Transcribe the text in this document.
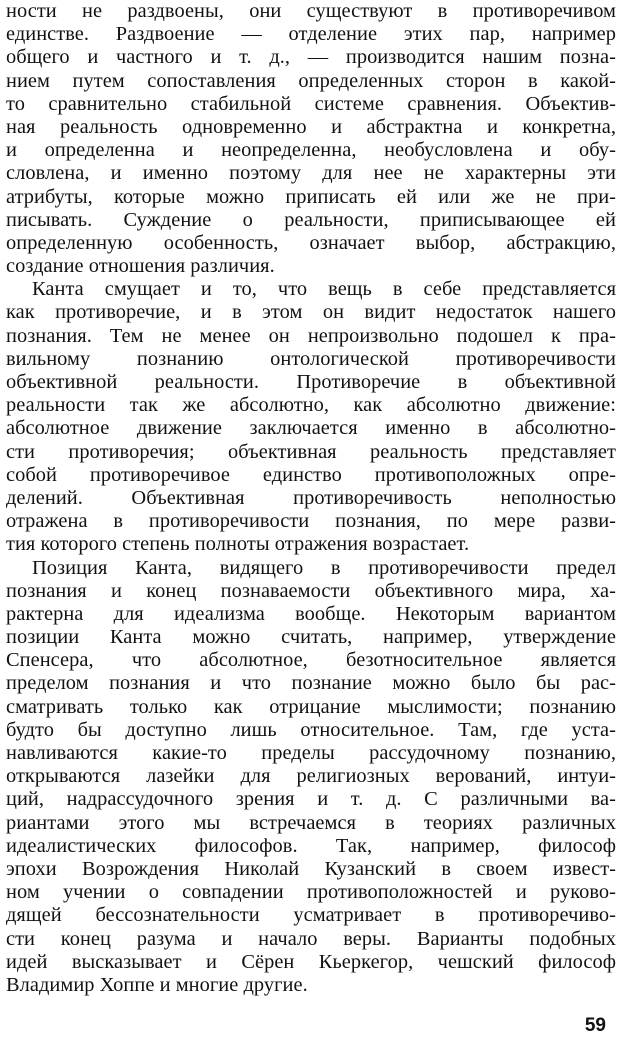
ности не раздвоены, они существуют в противоречивом
единстве. Раздвоение — отделение этих пар, например
общего и частного и т. д., — производится нашим позна-
нием путем сопоставления определенных сторон в какой-
то сравнительно стабильной системе сравнения. Объектив-
ная реальность одновременно и абстрактна и конкретна,
и определенна и неопределенна, необусловлена и обу-
словлена, и именно поэтому для нее не характерны эти
атрибуты, которые можно приписать ей или же не при-
писывать. Суждение о реальности, приписывающее ей
определенную особенность, означает выбор, абстракцию,
создание отношения различия.
Канта смущает и то, что вещь в себе представляется
как противоречие, и в этом он видит недостаток нашего
познания. Тем не менее он непроизвольно подошел к пра-
вильному познанию онтологической противоречивости
объективной реальности. Противоречие в объективной
реальности так же абсолютно, как абсолютно движение:
абсолютное движение заключается именно в абсолютно-
сти противоречия; объективная реальность представляет
собой противоречивое единство противоположных опре-
делений. Объективная противоречивость неполностью
отражена в противоречивости познания, по мере разви-
тия которого степень полноты отражения возрастает.
Позиция Канта, видящего в противоречивости предел
познания и конец познаваемости объективного мира, ха-
рактерна для идеализма вообще. Некоторым вариантом
позиции Канта можно считать, например, утверждение
Спенсера, что абсолютное, безотносительное является
пределом познания и что познание можно было бы рас-
сматривать только как отрицание мыслимости; познанию
будто бы доступно лишь относительное. Там, где уста-
навливаются какие-то пределы рассудочному познанию,
открываются лазейки для религиозных верований, интуи-
ций, надрассудочного зрения и т. д. С различными ва-
риантами этого мы встречаемся в теориях различных
идеалистических философов. Так, например, философ
эпохи Возрождения Николай Кузанский в своем извест-
ном учении о совпадении противоположностей и руково-
дящей бессознательности усматривает в противоречиво-
сти конец разума и начало веры. Варианты подобных
идей высказывает и Сёрен Кьеркегор, чешский философ
Владимир Хоппе и многие другие.
59
